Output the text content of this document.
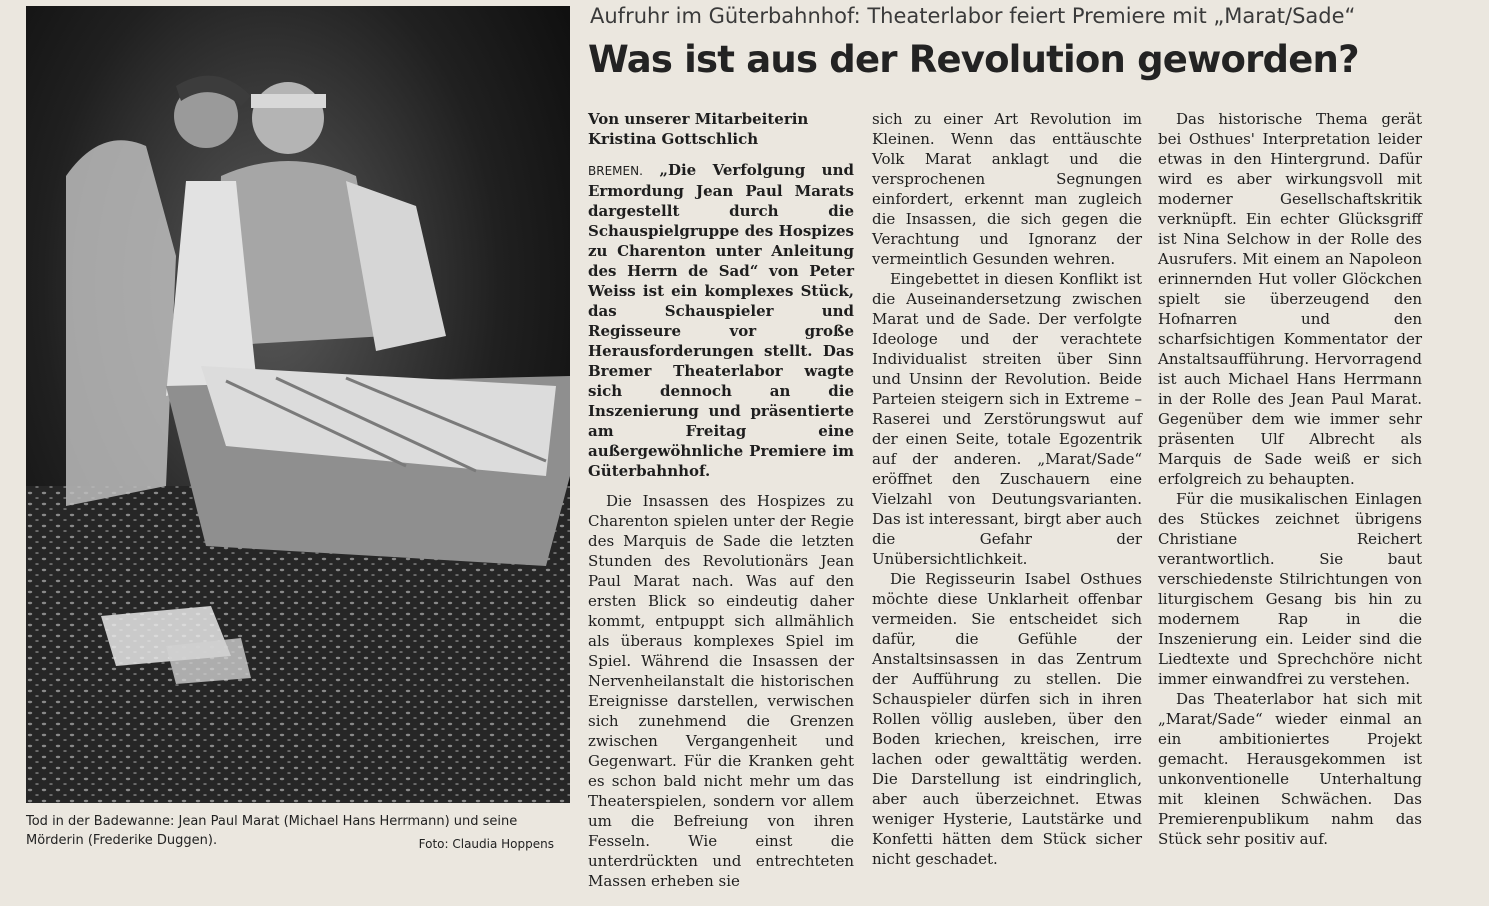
Tod in der Badewanne: Jean Paul Marat (Michael Hans Herrmann) und seine Mörderin (Frederike Duggen).	Foto: Claudia Hoppens
Aufruhr im Güterbahnhof: Theaterlabor feiert Premiere mit „Marat/Sade“
Was ist aus der Revolution geworden?

Von unserer Mitarbeiterin
Kristina Gottschlich

BREMEN. „Die Verfolgung und Ermordung Jean Paul Marats dargestellt durch die Schauspielgruppe des Hospizes zu Charenton unter Anleitung des Herrn de Sad“ von Peter Weiss ist ein komplexes Stück, das Schauspieler und Regisseure vor große Herausforderungen stellt. Das Bremer Theaterlabor wagte sich dennoch an die Inszenierung und präsentierte am Freitag eine außergewöhnliche Premiere im Güterbahnhof.

Die Insassen des Hospizes zu Charenton spielen unter der Regie des Marquis de Sade die letzten Stunden des Revolutionärs Jean Paul Marat nach. Was auf den ersten Blick so eindeutig daher kommt, entpuppt sich allmählich als überaus komplexes Spiel im Spiel. Während die Insassen der Nervenheilanstalt die historischen Ereignisse darstellen, verwischen sich zunehmend die Grenzen zwischen Vergangenheit und Gegenwart. Für die Kranken geht es schon bald nicht mehr um das Theaterspielen, sondern vor allem um die Befreiung von ihren Fesseln. Wie einst die unterdrückten und entrechteten Massen erheben sie

sich zu einer Art Revolution im Kleinen. Wenn das enttäuschte Volk Marat anklagt und die versprochenen Segnungen einfordert, erkennt man zugleich die Insassen, die sich gegen die Verachtung und Ignoranz der vermeintlich Gesunden wehren.

Eingebettet in diesen Konflikt ist die Auseinandersetzung zwischen Marat und de Sade. Der verfolgte Ideologe und der verachtete Individualist streiten über Sinn und Unsinn der Revolution. Beide Parteien steigern sich in Extreme – Raserei und Zerstörungswut auf der einen Seite, totale Egozentrik auf der anderen. „Marat/Sade“ eröffnet den Zuschauern eine Vielzahl von Deutungsvarianten. Das ist interessant, birgt aber auch die Gefahr der Unübersichtlichkeit.

Die Regisseurin Isabel Osthues möchte diese Unklarheit offenbar vermeiden. Sie entscheidet sich dafür, die Gefühle der Anstaltsinsassen in das Zentrum der Aufführung zu stellen. Die Schauspieler dürfen sich in ihren Rollen völlig ausleben, über den Boden kriechen, kreischen, irre lachen oder gewalttätig werden. Die Darstellung ist eindringlich, aber auch überzeichnet. Etwas weniger Hysterie, Lautstärke und Konfetti hätten dem Stück sicher nicht geschadet.

Das historische Thema gerät bei Osthues' Interpretation leider etwas in den Hintergrund. Dafür wird es aber wirkungsvoll mit moderner Gesellschaftskritik verknüpft. Ein echter Glücksgriff ist Nina Selchow in der Rolle des Ausrufers. Mit einem an Napoleon erinnernden Hut voller Glöckchen spielt sie überzeugend den Hofnarren und den scharfsichtigen Kommentator der Anstaltsaufführung. Hervorragend ist auch Michael Hans Herrmann in der Rolle des Jean Paul Marat. Gegenüber dem wie immer sehr präsenten Ulf Albrecht als Marquis de Sade weiß er sich erfolgreich zu behaupten.

Für die musikalischen Einlagen des Stückes zeichnet übrigens Christiane Reichert verantwortlich. Sie baut verschiedenste Stilrichtungen von liturgischem Gesang bis hin zu modernem Rap in die Inszenierung ein. Leider sind die Liedtexte und Sprechchöre nicht immer einwandfrei zu verstehen.

Das Theaterlabor hat sich mit „Marat/Sade“ wieder einmal an ein ambitioniertes Projekt gemacht. Herausgekommen ist unkonventionelle Unterhaltung mit kleinen Schwächen. Das Premierenpublikum nahm das Stück sehr positiv auf.
